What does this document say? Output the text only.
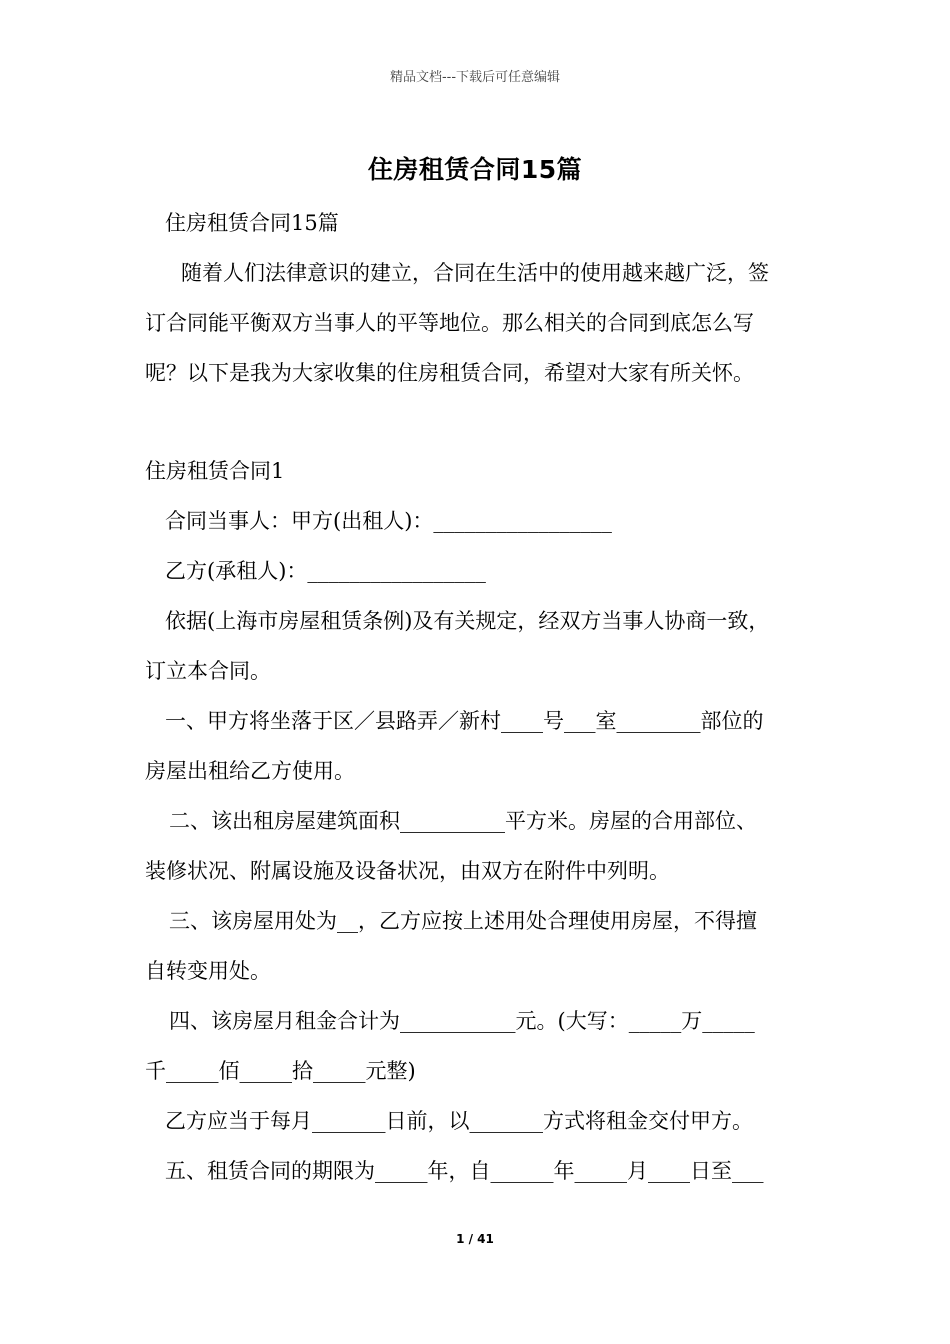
精品文档---下载后可任意编辑
住房租赁合同15篇
住房租赁合同15篇
随着人们法律意识的建立，合同在生活中的使用越来越广泛，签
订合同能平衡双方当事人的平等地位。那么相关的合同到底怎么写
呢？以下是我为大家收集的住房租赁合同，希望对大家有所关怀。
住房租赁合同1
合同当事人：甲方(出租人)：_________________
乙方(承租人)：_________________
依据(上海市房屋租赁条例)及有关规定，经双方当事人协商一致，
订立本合同。
一、甲方将坐落于区／县路弄／新村____号___室________部位的
房屋出租给乙方使用。
二、该出租房屋建筑面积__________平方米。房屋的合用部位、
装修状况、附属设施及设备状况，由双方在附件中列明。
三、该房屋用处为__，乙方应按上述用处合理使用房屋，不得擅
自转变用处。
四、该房屋月租金合计为___________元。(大写：_____万_____
千_____佰_____拾_____元整)
乙方应当于每月_______日前，以_______方式将租金交付甲方。
五、租赁合同的期限为_____年，自______年_____月____日至___
1 / 41
